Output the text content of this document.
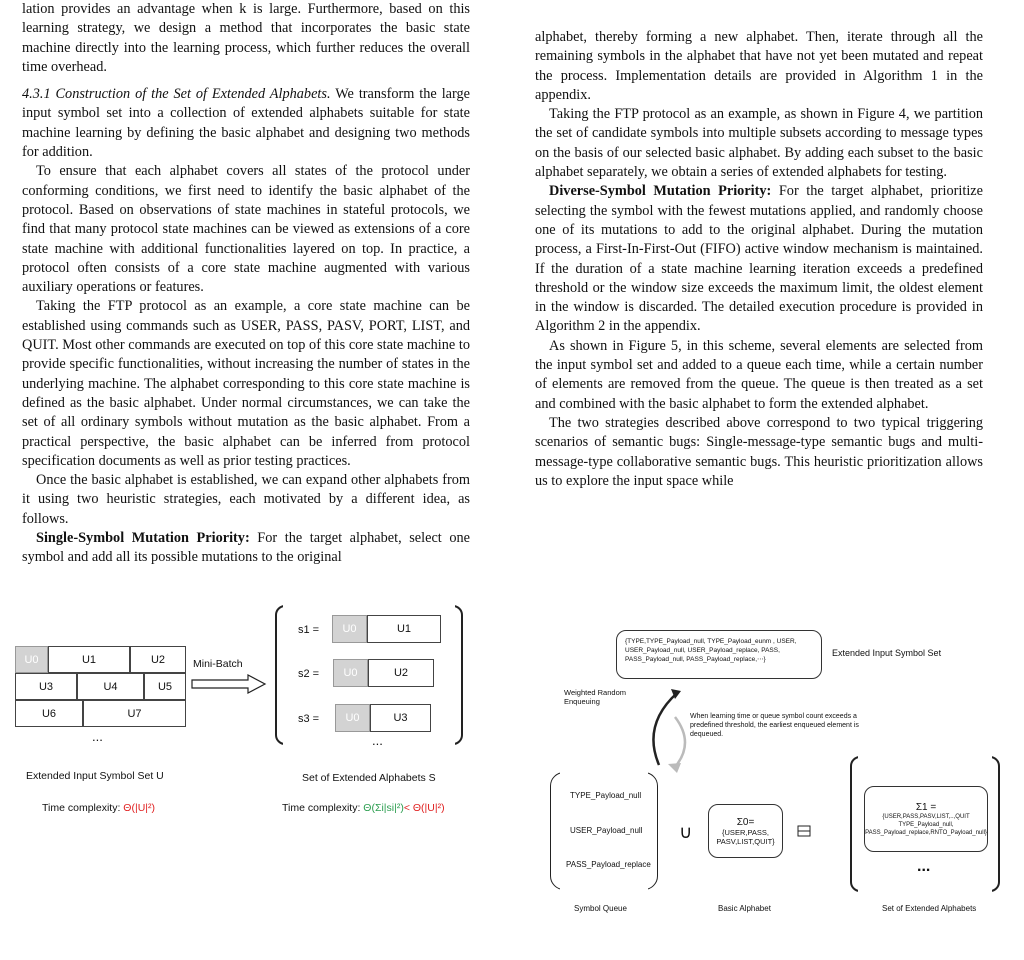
lation provides an advantage when k is large. Furthermore, based on this learning strategy, we design a method that incorporates the basic state machine directly into the learning process, which further reduces the overall time overhead.

4.3.1 Construction of the Set of Extended Alphabets. We transform the large input symbol set into a collection of extended alphabets suitable for state machine learning by defining the basic alphabet and designing two methods for addition.

To ensure that each alphabet covers all states of the protocol under conforming conditions, we first need to identify the basic alphabet of the protocol. Based on observations of state machines in stateful protocols, we find that many protocol state machines can be viewed as extensions of a core state machine with additional functionalities layered on top. In practice, a protocol often consists of a core state machine augmented with various auxiliary operations or features.

Taking the FTP protocol as an example, a core state machine can be established using commands such as USER, PASS, PASV, PORT, LIST, and QUIT. Most other commands are executed on top of this core state machine to provide specific functionalities, without increasing the number of states in the underlying machine. The alphabet corresponding to this core state machine is defined as the basic alphabet. Under normal circumstances, we can take the set of all ordinary symbols without mutation as the basic alphabet. From a practical perspective, the basic alphabet can be inferred from protocol specification documents as well as prior testing practices.

Once the basic alphabet is established, we can expand other alphabets from it using two heuristic strategies, each motivated by a different idea, as follows.

Single-Symbol Mutation Priority: For the target alphabet, select one symbol and add all its possible mutations to the original

alphabet, thereby forming a new alphabet. Then, iterate through all the remaining symbols in the alphabet that have not yet been mutated and repeat the process. Implementation details are provided in Algorithm 1 in the appendix.

Taking the FTP protocol as an example, as shown in Figure 4, we partition the set of candidate symbols into multiple subsets according to message types on the basis of our selected basic alphabet. By adding each subset to the basic alphabet separately, we obtain a series of extended alphabets for testing.

Diverse-Symbol Mutation Priority: For the target alphabet, prioritize selecting the symbol with the fewest mutations applied, and randomly choose one of its mutations to add to the original alphabet. During the mutation process, a First-In-First-Out (FIFO) active window mechanism is maintained. If the duration of a state machine learning iteration exceeds a predefined threshold or the window size exceeds the maximum limit, the oldest element in the window is discarded. The detailed execution procedure is provided in Algorithm 2 in the appendix.

As shown in Figure 5, in this scheme, several elements are selected from the input symbol set and added to a queue each time, while a certain number of elements are removed from the queue. The queue is then treated as a set and combined with the basic alphabet to form the extended alphabet.

The two strategies described above correspond to two typical triggering scenarios of semantic bugs: Single-message-type semantic bugs and multi-message-type collaborative semantic bugs. This heuristic prioritization allows us to explore the input space while

U0	U1	U2
U3	U4	U5
U6	U7
...
Extended Input Symbol Set U
Mini-Batch
s1 =	U0	U1
s2 =	U0	U2
s3 =	U0	U3
...
Set of Extended Alphabets S
Time complexity: Θ(|U|²)	Time complexity: Θ(Σi|si|²)< Θ(|U|²)
{TYPE,TYPE_Payload_null, TYPE_Payload_eunm , USER, USER_Payload_null, USER_Payload_replace, PASS, PASS_Payload_null, PASS_Payload_replace,⋯}
Extended Input Symbol Set
Weighted Random Enqueuing
When learning time or queue symbol count exceeds a predefined threshold, the earliest enqueued element is dequeued.
TYPE_Payload_null
USER_Payload_null
PASS_Payload_replace
∪	Σ0=
{USER,PASS, PASV,LIST,QUIT}
Σ1 =
{USER,PASS,PASV,LIST,..,QUIT TYPE_Payload_null, PASS_Payload_replace,RNTO_Payload_null}
...
Symbol Queue	Basic Alphabet	Set of Extended Alphabets
